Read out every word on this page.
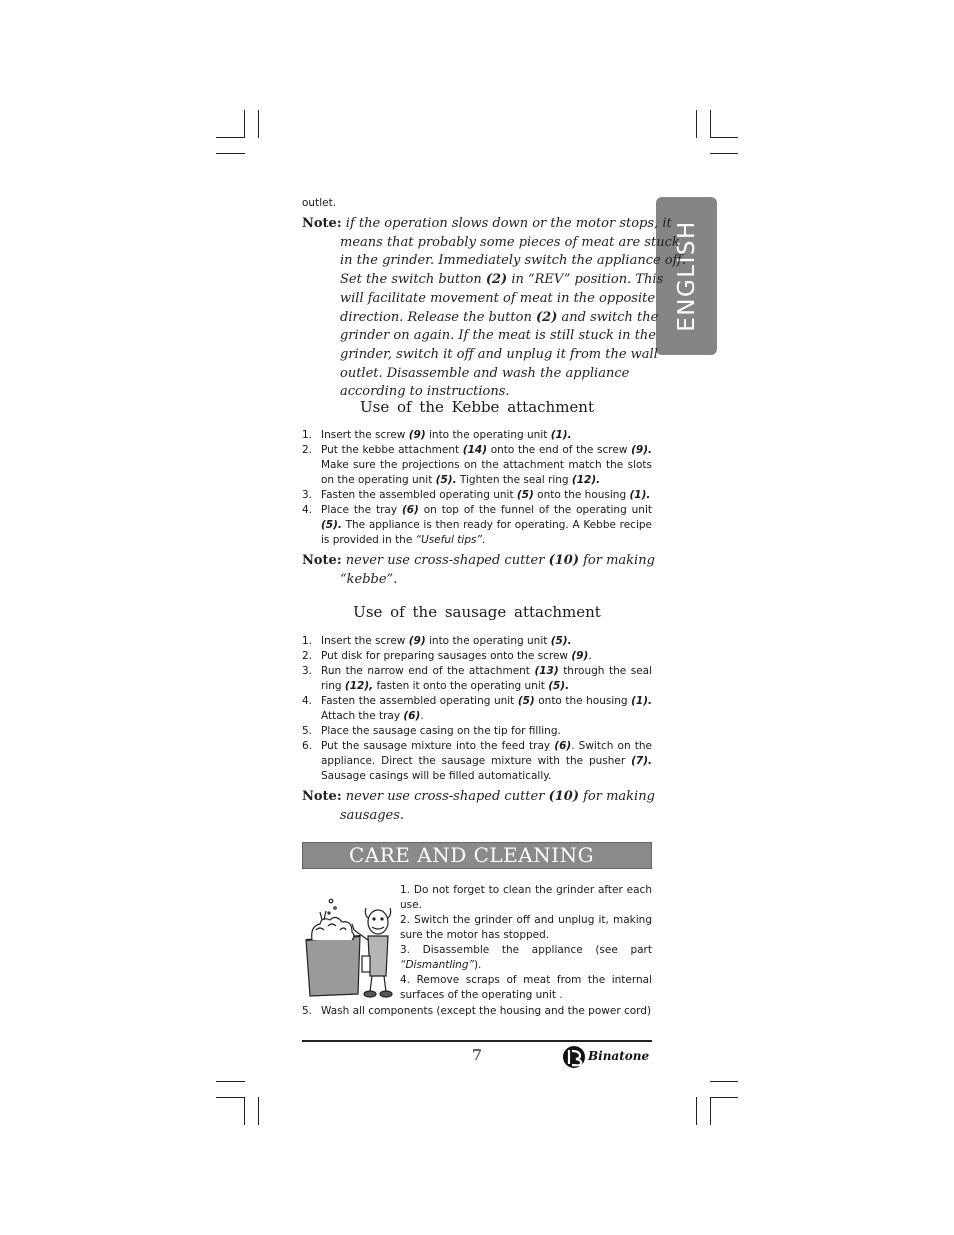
ENGLISH
outlet.

Note: if the operation slows down or the motor stops, it means that probably some pieces of meat are stuck in the grinder. Immediately switch the appliance off. Set the switch button (2) in “REV” position. This will facilitate movement of meat in the opposite direction. Release the button (2) and switch the grinder on again. If the meat is still stuck in the grinder, switch it off and unplug it from the wall outlet. Disassemble and wash the appliance according to instructions.

Use of the Kebbe attachment

1. Insert the screw (9) into the operating unit (1).
2. Put the kebbe attachment (14) onto the end of the screw (9). Make sure the projections on the attachment match the slots on the operating unit (5). Tighten the seal ring (12).
3. Fasten the assembled operating unit (5) onto the housing (1).
4. Place the tray (6) on top of the funnel of the operating unit (5). The appliance is then ready for operating. A Kebbe recipe is provided in the “Useful tips”.

Note: never use cross-shaped cutter (10) for making “kebbe”.

Use of the sausage attachment

1. Insert the screw (9) into the operating unit (5).
2. Put disk for preparing sausages onto the screw (9).
3. Run the narrow end of the attachment (13) through the seal ring (12), fasten it onto the operating unit (5).
4. Fasten the assembled operating unit (5) onto the housing (1). Attach the tray (6).
5. Place the sausage casing on the tip for filling.
6. Put the sausage mixture into the feed tray (6). Switch on the appliance. Direct the sausage mixture with the pusher (7). Sausage casings will be filled automatically.

Note: never use cross-shaped cutter (10) for making sausages.

CARE AND CLEANING

1. Do not forget to clean the grinder after each use.

2. Switch the grinder off and unplug it, making sure the motor has stopped.

3. Disassemble the appliance (see part “Dismantling”).

4. Remove scraps of meat from the internal surfaces of the operating unit .

5. Wash all components (except the housing and the power cord)
7	Binatone
